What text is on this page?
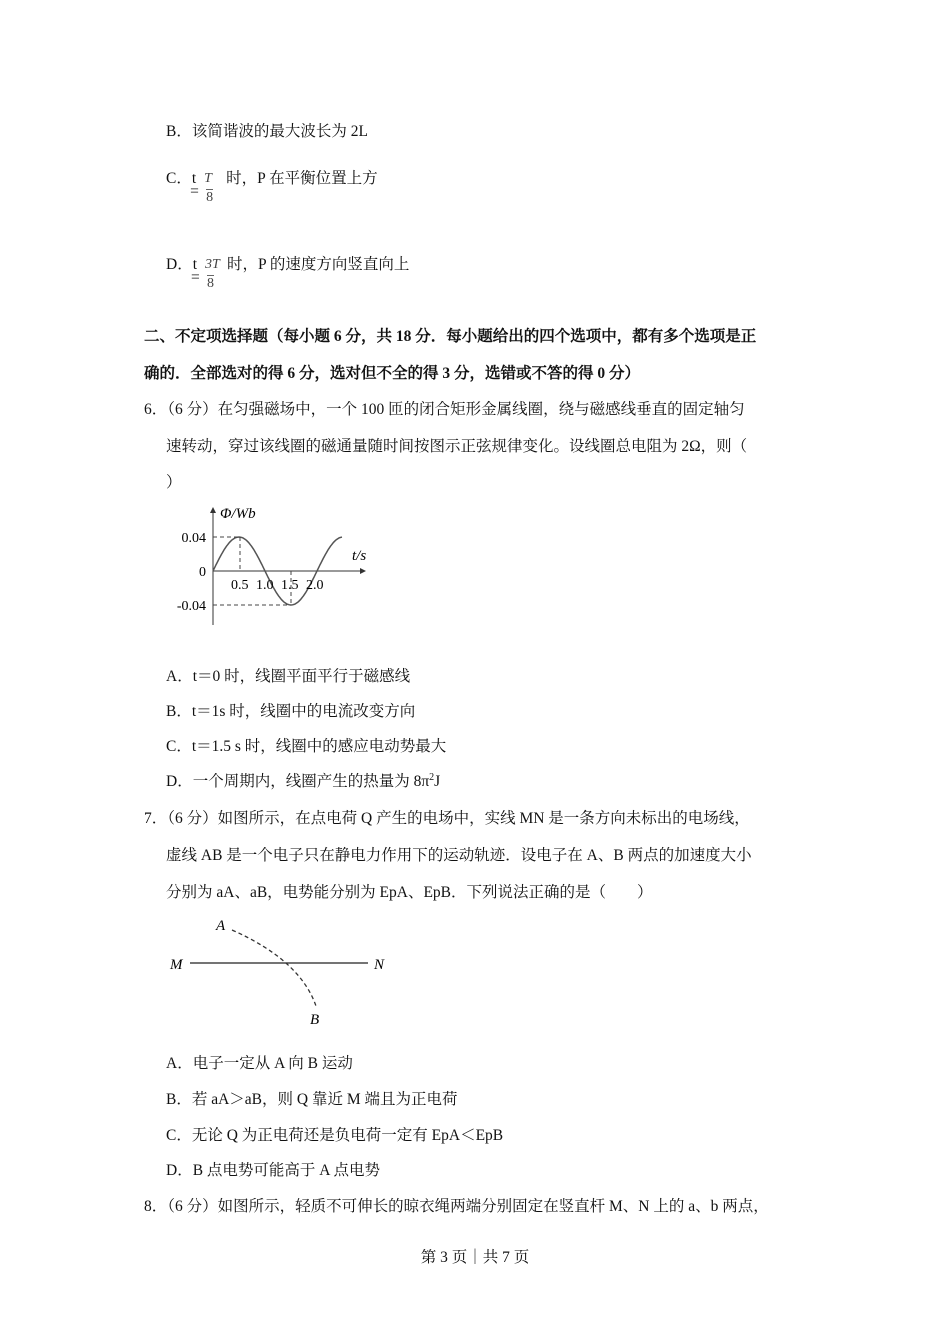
B．该简谐波的最大波长为 2L
C．t
=
T
8
时，P 在平衡位置上方
D．t
=
3T
8
时，P 的速度方向竖直向上
二、不定项选择题（每小题 6 分，共 18 分．每小题给出的四个选项中，都有多个选项是正
确的．全部选对的得 6 分，选对但不全的得 3 分，选错或不答的得 0 分）
6．（6 分）在匀强磁场中，一个 100 匝的闭合矩形金属线圈，绕与磁感线垂直的固定轴匀
速转动，穿过该线圈的磁通量随时间按图示正弦规律变化。设线圈总电阻为 2Ω，则（
）
Φ/Wb
t/s
0.04
0
-0.04
0.5 1.0 1.5 2.0
A．t＝0 时，线圈平面平行于磁感线
B．t＝1s 时，线圈中的电流改变方向
C．t＝1.5 s 时，线圈中的感应电动势最大
D．一个周期内，线圈产生的热量为 $8\pi^2J$
7．（6 分）如图所示，在点电荷 Q 产生的电场中，实线 MN 是一条方向未标出的电场线，
虚线 AB 是一个电子只在静电力作用下的运动轨迹．设电子在 A、B 两点的加速度大小
分别为 aA、aB，电势能分别为 EpA、EpB．下列说法正确的是（　　）
A
B
M	N
A．电子一定从 A 向 B 运动
B．若 aA＞aB，则 Q 靠近 M 端且为正电荷
C．无论 Q 为正电荷还是负电荷一定有 EpA＜EpB
D．B 点电势可能高于 A 点电势
8．（6 分）如图所示，轻质不可伸长的晾衣绳两端分别固定在竖直杆 M、N 上的 a、b 两点，
第 3 页｜共 7 页
